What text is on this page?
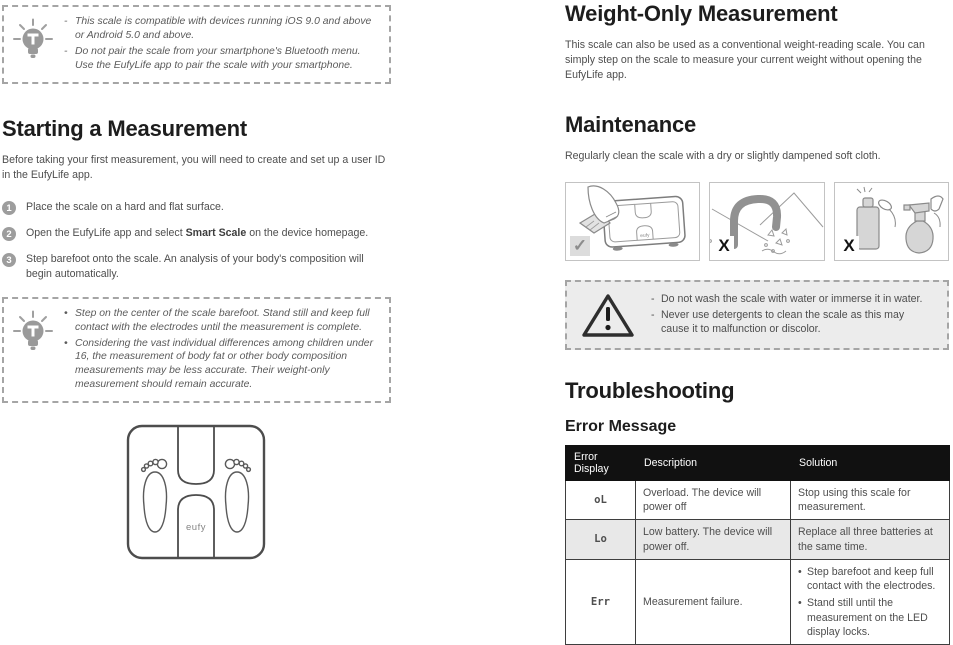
- This scale is compatible with devices running iOS 9.0 and above or Android 5.0 and above.
- Do not pair the scale from your smartphone's Bluetooth menu. Use the EufyLife app to pair the scale with your smartphone.
Starting a Measurement

Before taking your first measurement, you will need to create and set up a user ID in the EufyLife app.

1	Place the scale on a hard and flat surface.
2	Open the EufyLife app and select Smart Scale on the device homepage.
3	Step barefoot onto the scale. An analysis of your body's composition will begin automatically.
• Step on the center of the scale barefoot. Stand still and keep full contact with the electrodes until the measurement is complete.
• Considering the vast individual differences among children under 16, the measurement of body fat or other body composition measurements may be less accurate. Their weight-only measurement should remain accurate.
eufy
Weight-Only Measurement

This scale can also be used as a conventional weight-reading scale. You can simply step on the scale to measure your current weight without opening the EufyLife app.

Maintenance

Regularly clean the scale with a dry or slightly dampened soft cloth.

eufy
✓	X	X
- Do not wash the scale with water or immerse it in water.
- Never use detergents to clean the scale as this may cause it to malfunction or discolor.
Troubleshooting
Error Message
Error Display	Description	Solution
oL	Overload. The device will power off	Stop using this scale for measurement.
Lo	Low battery. The device will power off.	Replace all three batteries at the same time.
Err	Measurement failure.	• Step barefoot and keep full contact with the electrodes.
• Stand still until the measurement on the LED display locks.
